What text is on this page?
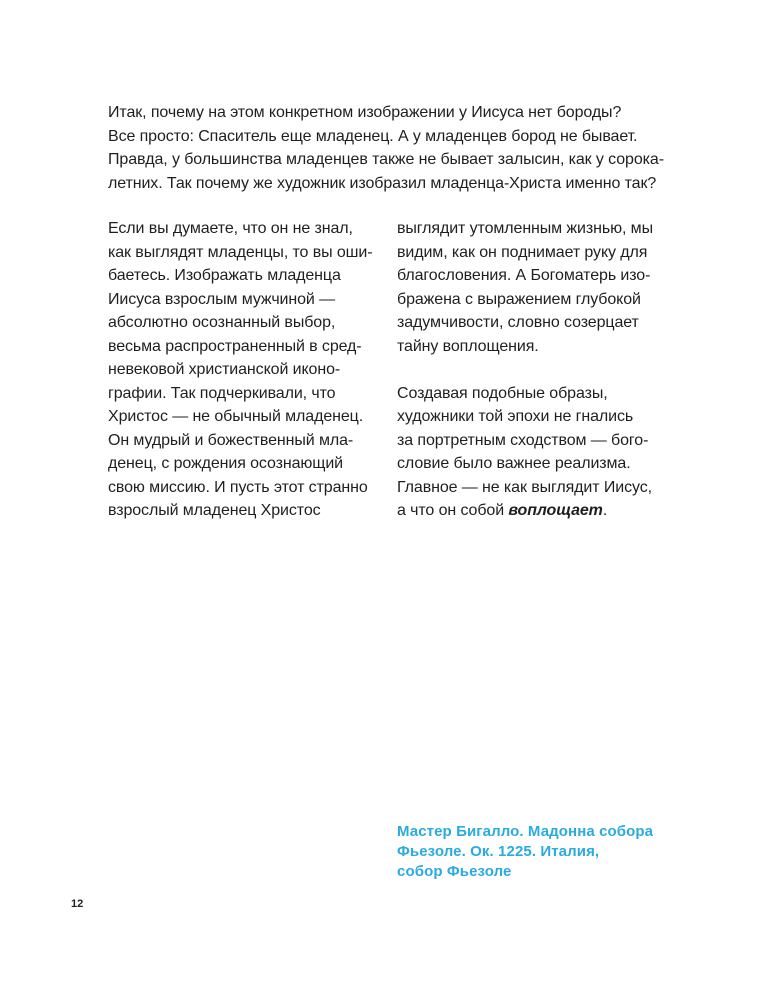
Итак, почему на этом конкретном изображении у Иисуса нет бороды?
Все просто: Спаситель еще младенец. А у младенцев бород не бывает.
Правда, у большинства младенцев также не бывает залысин, как у сорока-
летних. Так почему же художник изобразил младенца-Христа именно так?

Если вы думаете, что он не знал,
как выглядят младенцы, то вы оши-
баетесь. Изображать младенца
Иисуса взрослым мужчиной —
абсолютно осознанный выбор,
весьма распространенный в сред-
невековой христианской иконо-
графии. Так подчеркивали, что
Христос — не обычный младенец.
Он мудрый и божественный мла-
денец, с рождения осознающий
свою миссию. И пусть этот странно
взрослый младенец Христос

выглядит утомленным жизнью, мы
видим, как он поднимает руку для
благословения. А Богоматерь изо-
бражена с выражением глубокой
задумчивости, словно созерцает
тайну воплощения.
Создавая подобные образы,
художники той эпохи не гнались
за портретным сходством — бого-
словие было важнее реализма.
Главное — не как выглядит Иисус,
а что он собой воплощает.

Мастер Бигалло. Мадонна собора
Фьезоле. Ок. 1225. Италия,
собор Фьезоле

12
